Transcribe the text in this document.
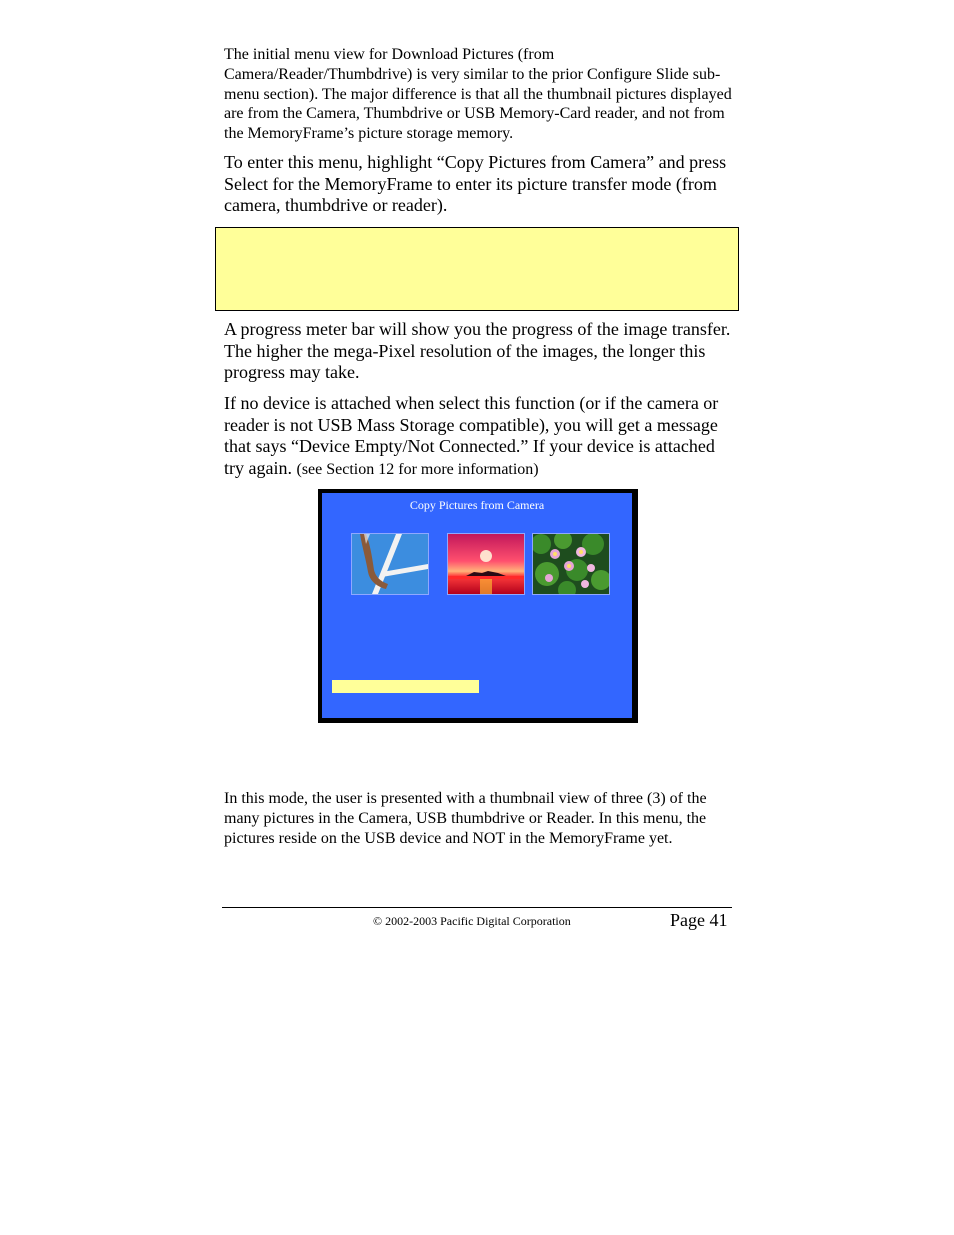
The initial menu view for Download Pictures (from Camera/Reader/Thumbdrive) is very similar to the prior Configure Slide sub-menu section). The major difference is that all the thumbnail pictures displayed are from the Camera, Thumbdrive or USB Memory-Card reader, and not from the MemoryFrame’s picture storage memory.

To enter this menu, highlight “Copy Pictures from Camera” and press Select for the MemoryFrame to enter its picture transfer mode (from camera, thumbdrive or reader).

A progress meter bar will show you the progress of the image transfer. The higher the mega-Pixel resolution of the images, the longer this progress may take.

If no device is attached when select this function (or if the camera or reader is not USB Mass Storage compatible), you will get a message that says “Device Empty/Not Connected.” If your device is attached try again. (see Section 12 for more information)

Copy Pictures from Camera

In this mode, the user is presented with a thumbnail view of three (3) of the many pictures in the Camera, USB thumbdrive or Reader. In this menu, the pictures reside on the USB device and NOT in the MemoryFrame yet.

© 2002-2003 Pacific Digital Corporation	Page 41
